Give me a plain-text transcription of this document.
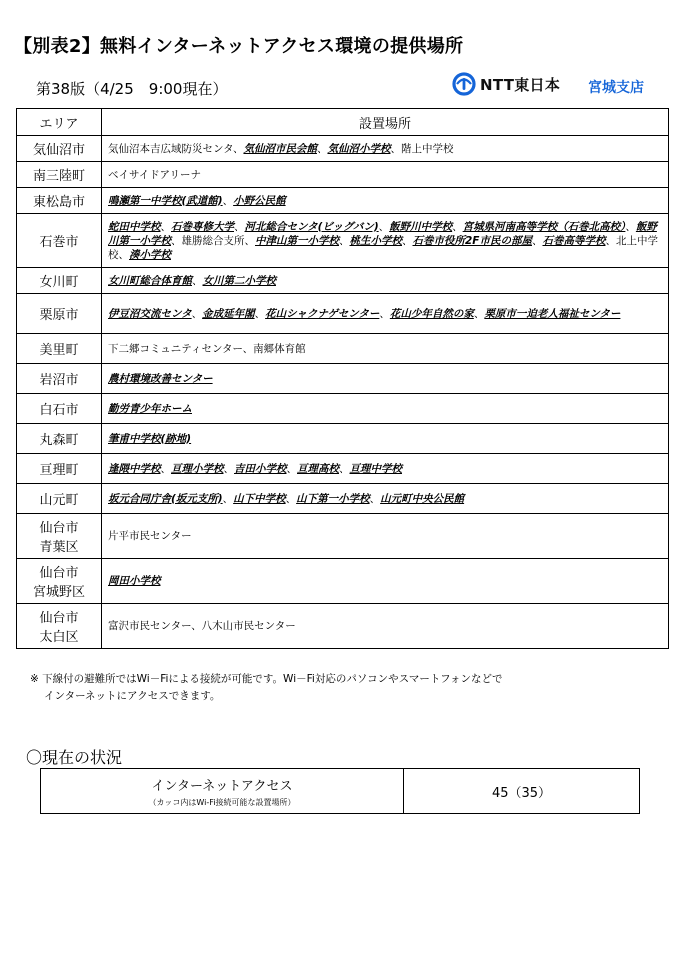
【別表2】無料インターネットアクセス環境の提供場所
第38版（4/25　9:00現在）	NTT東日本 宮城支店
エリア	設置場所

気仙沼市	気仙沼本吉広域防災センタ、気仙沼市民会館、気仙沼小学校、階上中学校

南三陸町	ベイサイドアリーナ

東松島市	鳴瀬第一中学校(武道館)、小野公民館

石巻市	蛇田中学校、石巻専修大学、河北総合センタ(ビッグバン)、飯野川中学校、宮城県河南高等学校（石巻北高校）、飯野川第一小学校、雄勝総合支所、中津山第一小学校、桃生小学校、石巻市役所2F市民の部屋、石巻高等学校、北上中学校、湊小学校

女川町	女川町総合体育館、女川第二小学校

栗原市	伊豆沼交流センタ、金成延年閣、花山シャクナゲセンター、花山少年自然の家、栗原市一迫老人福祉センター

美里町	下二郷コミュニティセンター、南郷体育館

岩沼市	農村環境改善センター

白石市	勤労青少年ホーム

丸森町	筆甫中学校(跡地)

亘理町	逢隈中学校、亘理小学校、吉田小学校、亘理高校、亘理中学校

山元町	坂元合同庁舎(坂元支所)、山下中学校、山下第一小学校、山元町中央公民館

仙台市
青葉区	片平市民センター

仙台市
宮城野区	岡田小学校

仙台市
太白区	富沢市民センター、八木山市民センター
※ 下線付の避難所ではWi－Fiによる接続が可能です。Wi－Fi対応のパソコンやスマートフォンなどで
インターネットにアクセスできます。
〇現在の状況
インターネットアクセス
（カッコ内はWi-Fi接続可能な設置場所）
	45（35）
